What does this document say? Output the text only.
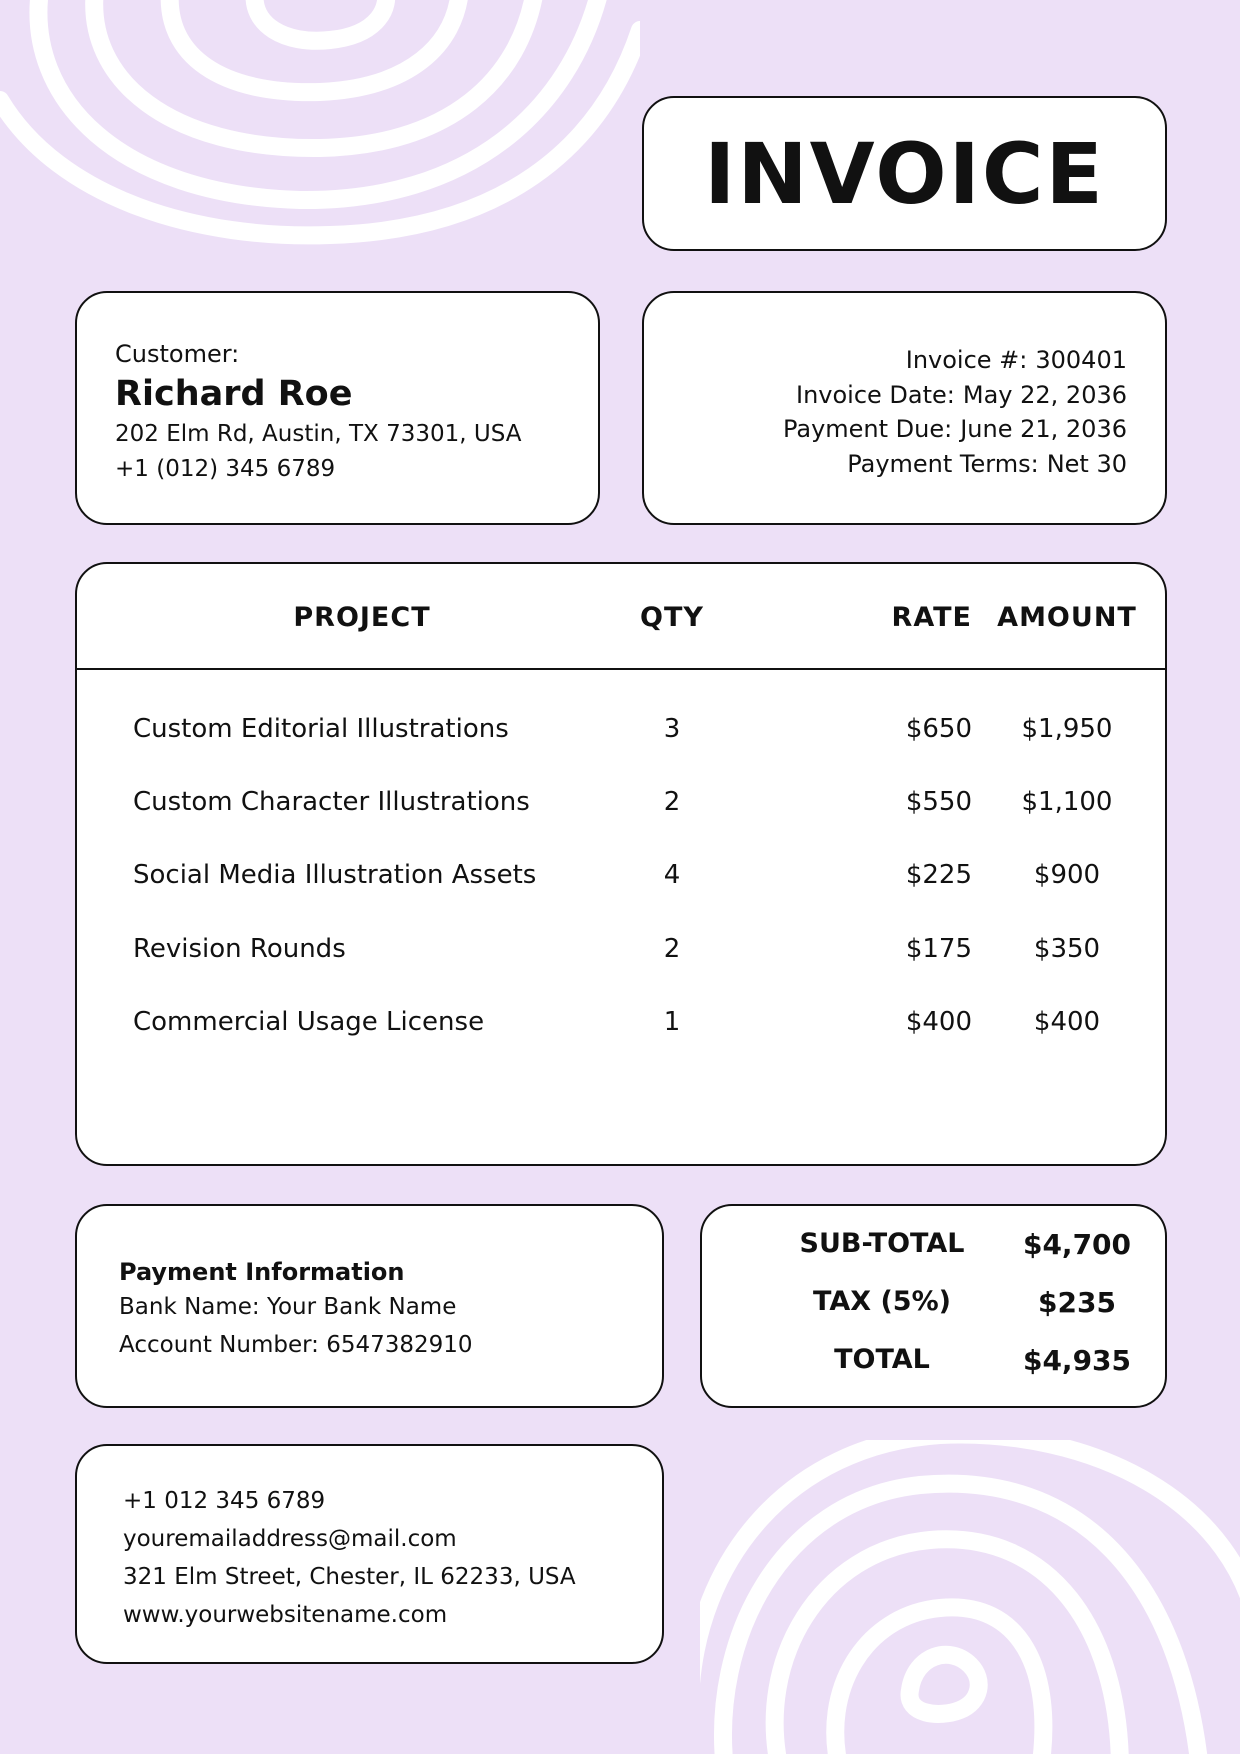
INVOICE
Customer:
Richard Roe
202 Elm Rd, Austin, TX 73301, USA
+1 (012) 345 6789
Invoice #: 300401
Invoice Date: May 22, 2036
Payment Due: June 21, 2036
Payment Terms: Net 30
PROJECT	QTY	RATE AMOUNT
Custom Editorial Illustrations	3	$650	$1,950
Custom Character Illustrations	2	$550	$1,100
Social Media Illustration Assets	4	$225	$900
Revision Rounds	2	$175	$350
Commercial Usage License	1	$400	$400
Payment Information
Bank Name: Your Bank Name
Account Number: 6547382910
SUB-TOTAL	$4,700
TAX (5%)	$235
TOTAL	$4,935
+1 012 345 6789
youremailaddress@mail.com
321 Elm Street, Chester, IL 62233, USA
www.yourwebsitename.com
